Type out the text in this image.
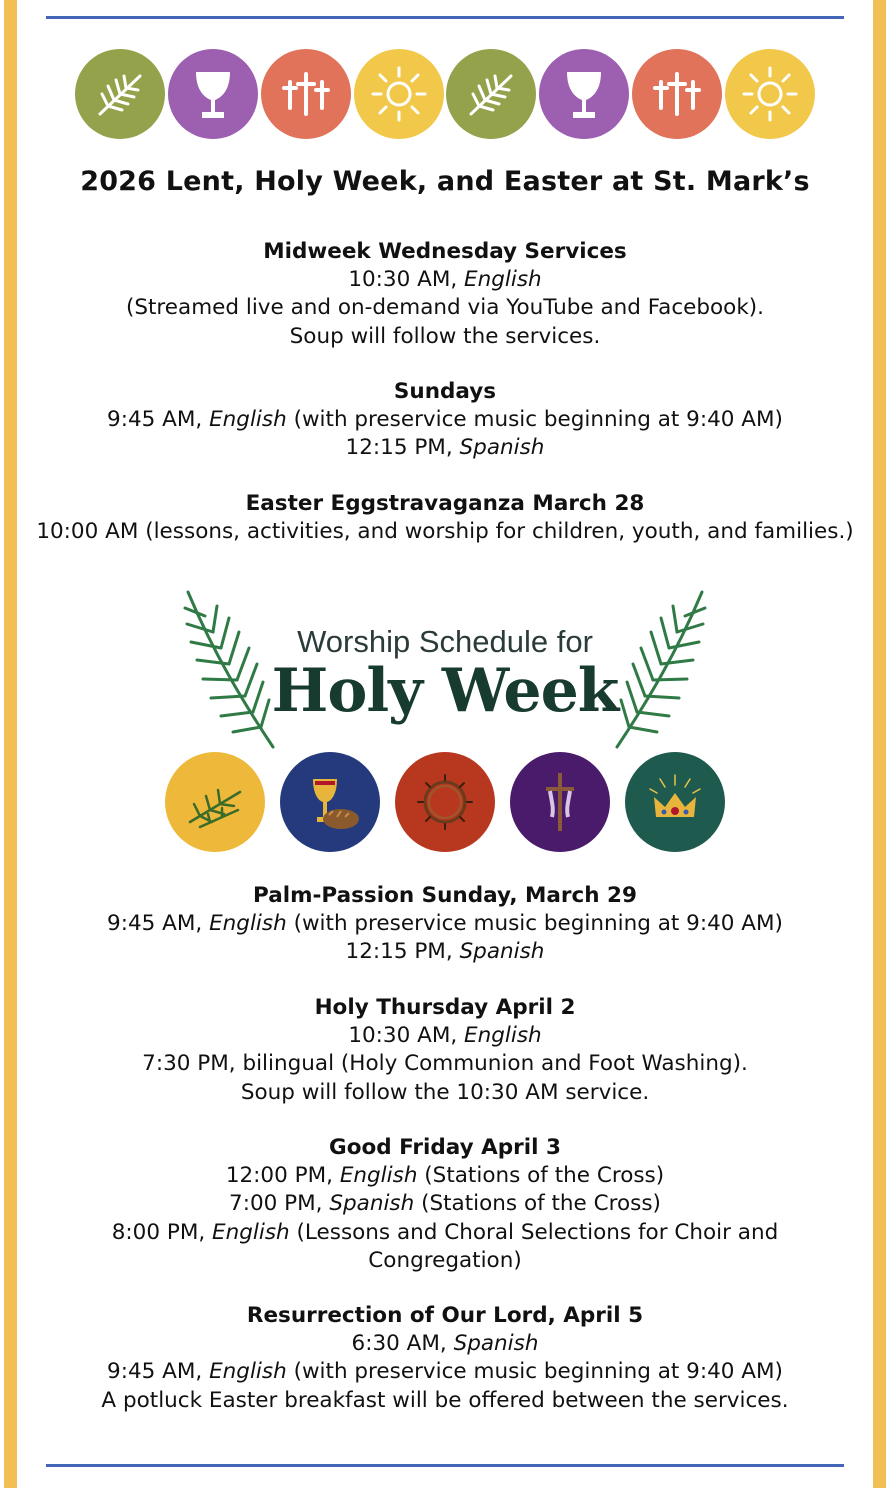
2026 Lent, Holy Week, and Easter at St. Mark’s
Midweek Wednesday Services
10:30 AM, English
(Streamed live and on-demand via YouTube and Facebook).
Soup will follow the services.
Sundays
9:45 AM, English (with preservice music beginning at 9:40 AM)
12:15 PM, Spanish
Easter Eggstravaganza March 28
10:00 AM (lessons, activities, and worship for children, youth, and families.)
Worship Schedule for
Holy Week
Palm-Passion Sunday, March 29
9:45 AM, English (with preservice music beginning at 9:40 AM)
12:15 PM, Spanish
Holy Thursday April 2
10:30 AM, English
7:30 PM, bilingual (Holy Communion and Foot Washing).
Soup will follow the 10:30 AM service.
Good Friday April 3
12:00 PM, English (Stations of the Cross)
7:00 PM, Spanish (Stations of the Cross)
8:00 PM, English (Lessons and Choral Selections for Choir and
Congregation)
Resurrection of Our Lord, April 5
6:30 AM, Spanish
9:45 AM, English (with preservice music beginning at 9:40 AM)
A potluck Easter breakfast will be offered between the services.
